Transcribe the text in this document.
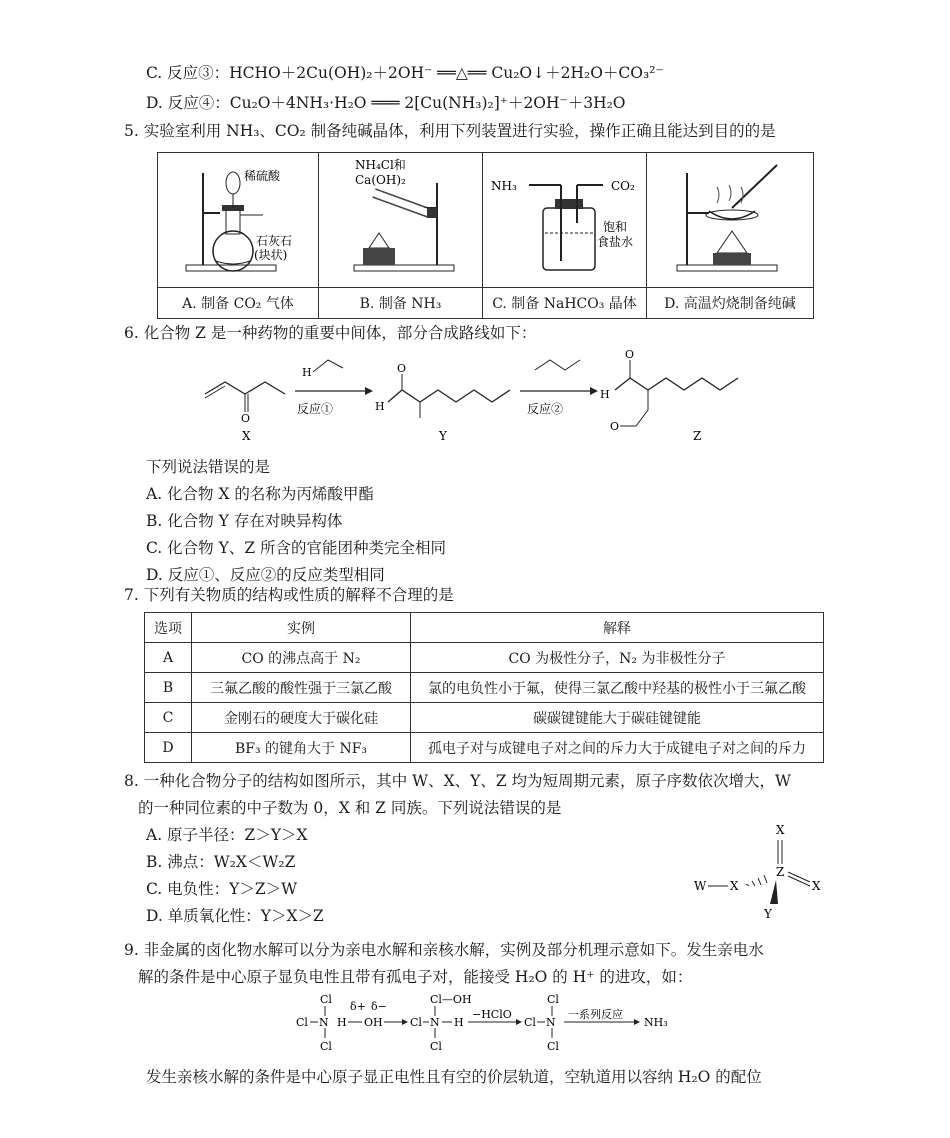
C. 反应③：HCHO＋2Cu(OH)₂＋2OH⁻ ══△══ Cu₂O↓＋2H₂O＋CO₃²⁻
D. 反应④：Cu₂O＋4NH₃·H₂O ═══ 2[Cu(NH₃)₂]⁺＋2OH⁻＋3H₂O
5. 实验室利用 NH₃、CO₂ 制备纯碱晶体，利用下列装置进行实验，操作正确且能达到目的的是
稀硫酸
石灰石
(块状)	NH₄Cl和
Ca(OH)₂	NH₃ CO₂
饱和
食盐水

A. 制备 CO₂ 气体	B. 制备 NH₃	C. 制备 NaHCO₃ 晶体	D. 高温灼烧制备纯碱
6. 化合物 Z 是一种药物的重要中间体，部分合成路线如下：
O
X
H
反应①	H
O
Y
反应②
H
O
O
Z
下列说法错误的是
A. 化合物 X 的名称为丙烯酸甲酯
B. 化合物 Y 存在对映异构体
C. 化合物 Y、Z 所含的官能团种类完全相同
D. 反应①、反应②的反应类型相同
7. 下列有关物质的结构或性质的解释不合理的是
选项	实例	解释
A	CO 的沸点高于 N₂	CO 为极性分子，N₂ 为非极性分子
B	三氟乙酸的酸性强于三氯乙酸	氯的电负性小于氟，使得三氯乙酸中羟基的极性小于三氟乙酸
C	金刚石的硬度大于碳化硅	碳碳键键能大于碳硅键键能
D	BF₃ 的键角大于 NF₃	孤电子对与成键电子对之间的斥力大于成键电子对之间的斥力
8. 一种化合物分子的结构如图所示，其中 W、X、Y、Z 均为短周期元素，原子序数依次增大，W
的一种同位素的中子数为 0，X 和 Z 同族。下列说法错误的是
A. 原子半径：Z＞Y＞X
B. 沸点：W₂X＜W₂Z
C. 电负性：Y＞Z＞W
D. 单质氧化性：Y＞X＞Z
X
Z
X
W X
Y
9. 非金属的卤化物水解可以分为亲电水解和亲核水解，实例及部分机理示意如下。发生亲电水
解的条件是中心原子显负电性且带有孤电子对，能接受 H₂O 的 H⁺ 的进攻，如：
Cl
Cl N H
δ+ δ−
OH
Cl
Cl—OH
Cl N H
Cl
−HClO
Cl
Cl N
Cl
一系列反应
NH₃
发生亲核水解的条件是中心原子显正电性且有空的价层轨道，空轨道用以容纳 H₂O 的配位
